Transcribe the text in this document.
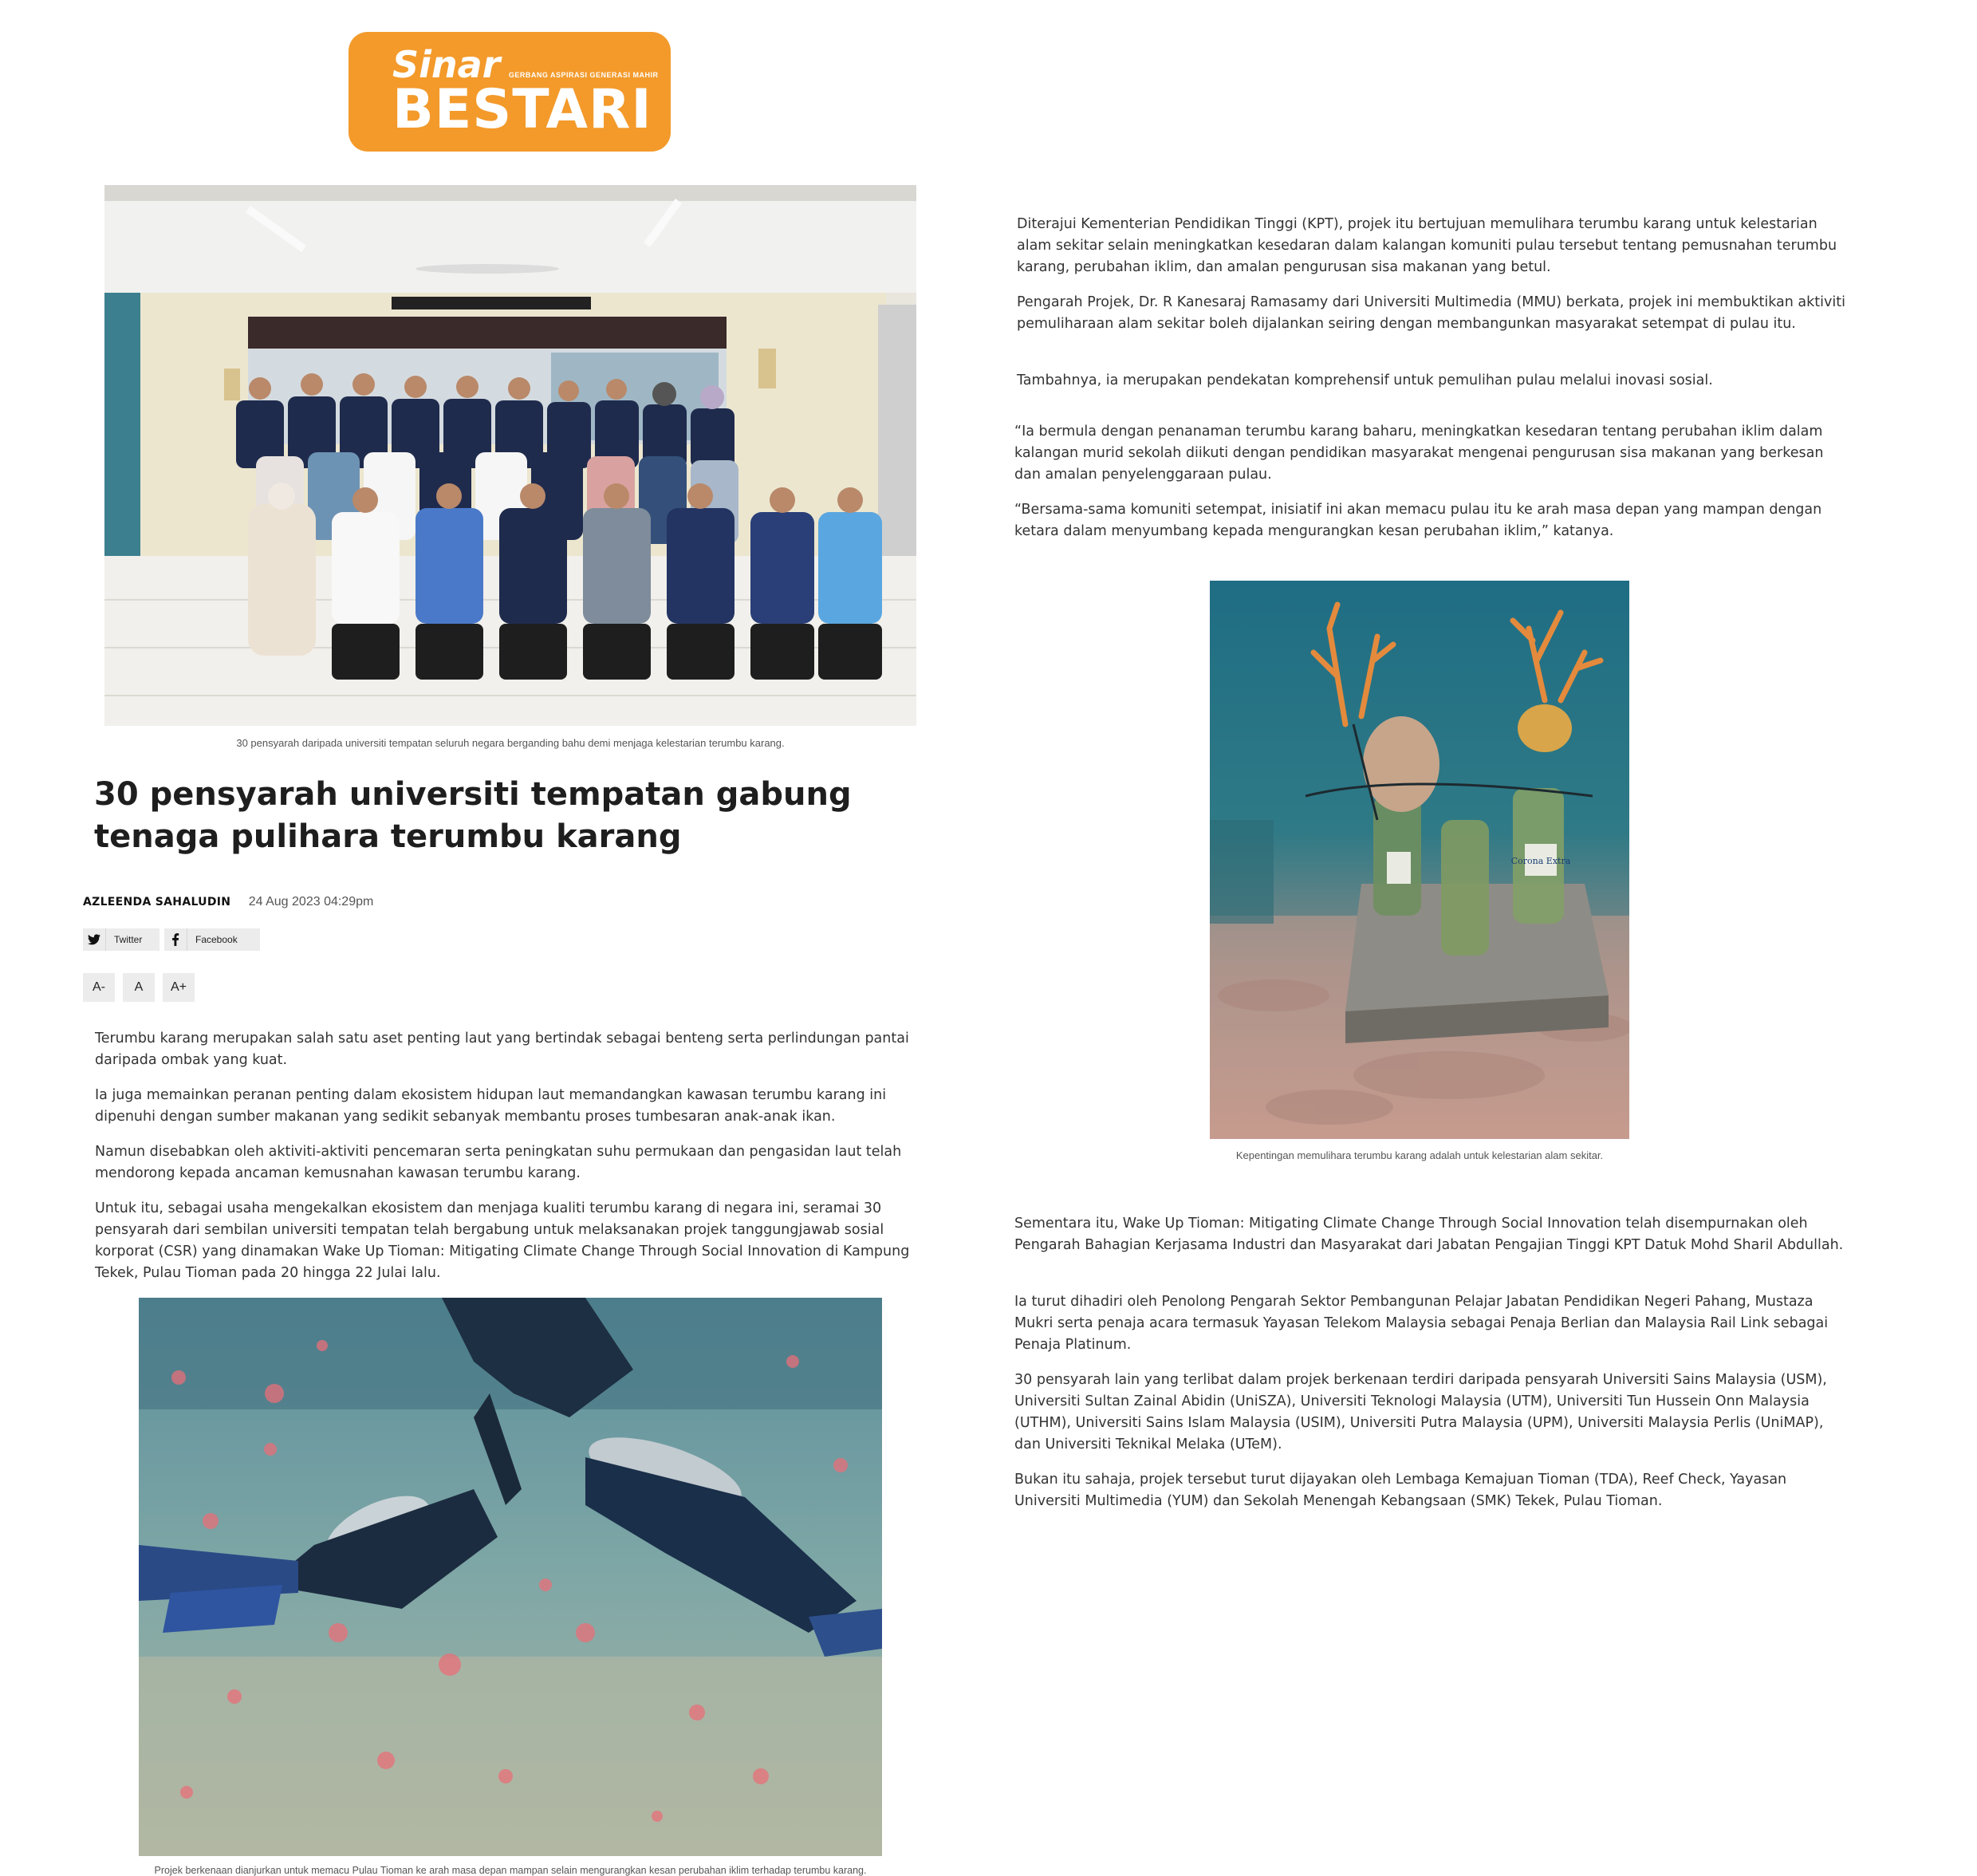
Sinar GERBANG ASPIRASI GENERASI MAHIR
BESTARI
30 pensyarah daripada universiti tempatan seluruh negara berganding bahu demi menjaga kelestarian terumbu karang.
30 pensyarah universiti tempatan gabung tenaga pulihara terumbu karang
AZLEENDA SAHALUDIN 24 Aug 2023 04:29pm
Twitter	Facebook
A-	A	A+

Terumbu karang merupakan salah satu aset penting laut yang bertindak sebagai benteng serta perlindungan pantai daripada ombak yang kuat.

Ia juga memainkan peranan penting dalam ekosistem hidupan laut memandangkan kawasan terumbu karang ini dipenuhi dengan sumber makanan yang sedikit sebanyak membantu proses tumbesaran anak-anak ikan.

Namun disebabkan oleh aktiviti-aktiviti pencemaran serta peningkatan suhu permukaan dan pengasidan laut telah mendorong kepada ancaman kemusnahan kawasan terumbu karang.

Untuk itu, sebagai usaha mengekalkan ekosistem dan menjaga kualiti terumbu karang di negara ini, seramai 30 pensyarah dari sembilan universiti tempatan telah bergabung untuk melaksanakan projek tanggungjawab sosial korporat (CSR) yang dinamakan Wake Up Tioman: Mitigating Climate Change Through Social Innovation di Kampung Tekek, Pulau Tioman pada 20 hingga 22 Julai lalu.

Projek berkenaan dianjurkan untuk memacu Pulau Tioman ke arah masa depan mampan selain mengurangkan kesan perubahan iklim terhadap terumbu karang.

Diterajui Kementerian Pendidikan Tinggi (KPT), projek itu bertujuan memulihara terumbu karang untuk kelestarian alam sekitar selain meningkatkan kesedaran dalam kalangan komuniti pulau tersebut tentang pemusnahan terumbu karang, perubahan iklim, dan amalan pengurusan sisa makanan yang betul.

Pengarah Projek, Dr. R Kanesaraj Ramasamy dari Universiti Multimedia (MMU) berkata, projek ini membuktikan aktiviti pemuliharaan alam sekitar boleh dijalankan seiring dengan membangunkan masyarakat setempat di pulau itu.

Tambahnya, ia merupakan pendekatan komprehensif untuk pemulihan pulau melalui inovasi sosial.

“Ia bermula dengan penanaman terumbu karang baharu, meningkatkan kesedaran tentang perubahan iklim dalam kalangan murid sekolah diikuti dengan pendidikan masyarakat mengenai pengurusan sisa makanan yang berkesan dan amalan penyelenggaraan pulau.

“Bersama-sama komuniti setempat, inisiatif ini akan memacu pulau itu ke arah masa depan yang mampan dengan ketara dalam menyumbang kepada mengurangkan kesan perubahan iklim,” katanya.

Corona Extra
Kepentingan memulihara terumbu karang adalah untuk kelestarian alam sekitar.

Sementara itu, Wake Up Tioman: Mitigating Climate Change Through Social Innovation telah disempurnakan oleh Pengarah Bahagian Kerjasama Industri dan Masyarakat dari Jabatan Pengajian Tinggi KPT Datuk Mohd Sharil Abdullah.

Ia turut dihadiri oleh Penolong Pengarah Sektor Pembangunan Pelajar Jabatan Pendidikan Negeri Pahang, Mustaza Mukri serta penaja acara termasuk Yayasan Telekom Malaysia sebagai Penaja Berlian dan Malaysia Rail Link sebagai Penaja Platinum.

30 pensyarah lain yang terlibat dalam projek berkenaan terdiri daripada pensyarah Universiti Sains Malaysia (USM), Universiti Sultan Zainal Abidin (UniSZA), Universiti Teknologi Malaysia (UTM), Universiti Tun Hussein Onn Malaysia (UTHM), Universiti Sains Islam Malaysia (USIM), Universiti Putra Malaysia (UPM), Universiti Malaysia Perlis (UniMAP), dan Universiti Teknikal Melaka (UTeM).

Bukan itu sahaja, projek tersebut turut dijayakan oleh Lembaga Kemajuan Tioman (TDA), Reef Check, Yayasan Universiti Multimedia (YUM) dan Sekolah Menengah Kebangsaan (SMK) Tekek, Pulau Tioman.
